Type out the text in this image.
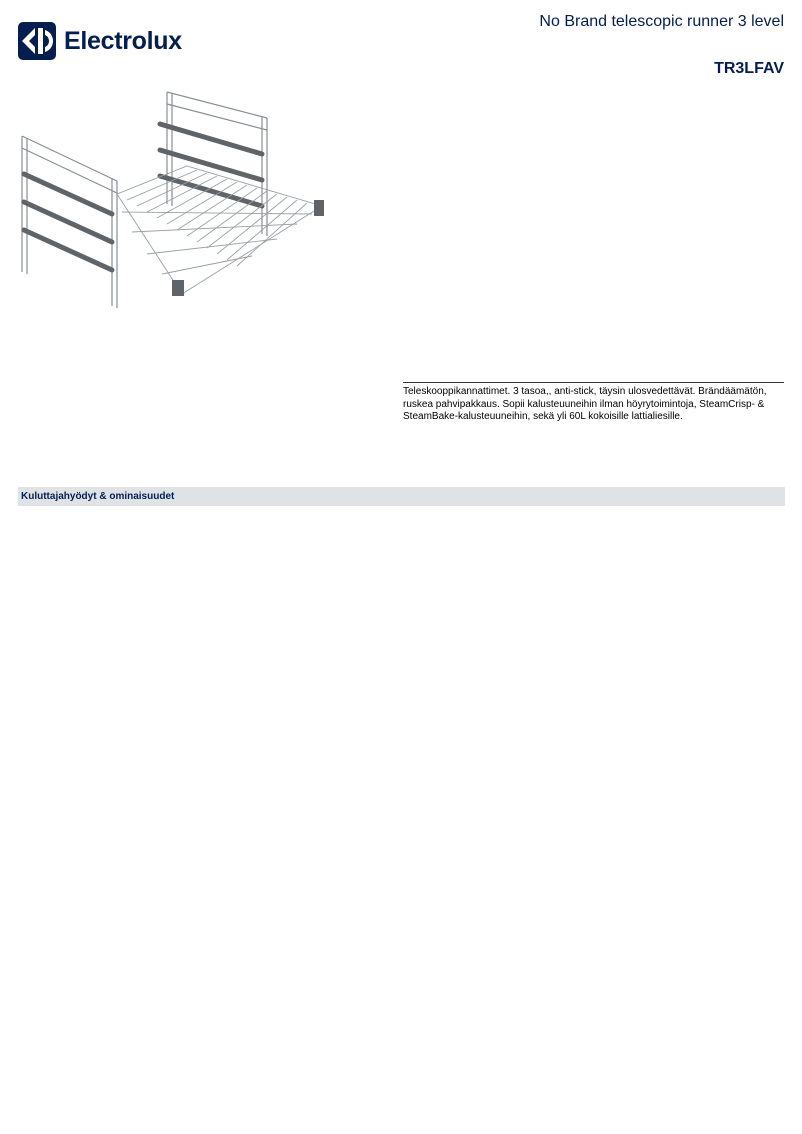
Electrolux
No Brand telescopic runner 3 level
TR3LFAV
Teleskooppikannattimet. 3 tasoa,, anti-stick, täysin ulosvedettävät. Brändäämätön, ruskea pahvipakkaus. Sopii kalusteuuneihin ilman höyrytoimintoja, SteamCrisp- & SteamBake-kalusteuuneihin, sekä yli 60L kokoisille lattialiesille.
Kuluttajahyödyt & ominaisuudet
